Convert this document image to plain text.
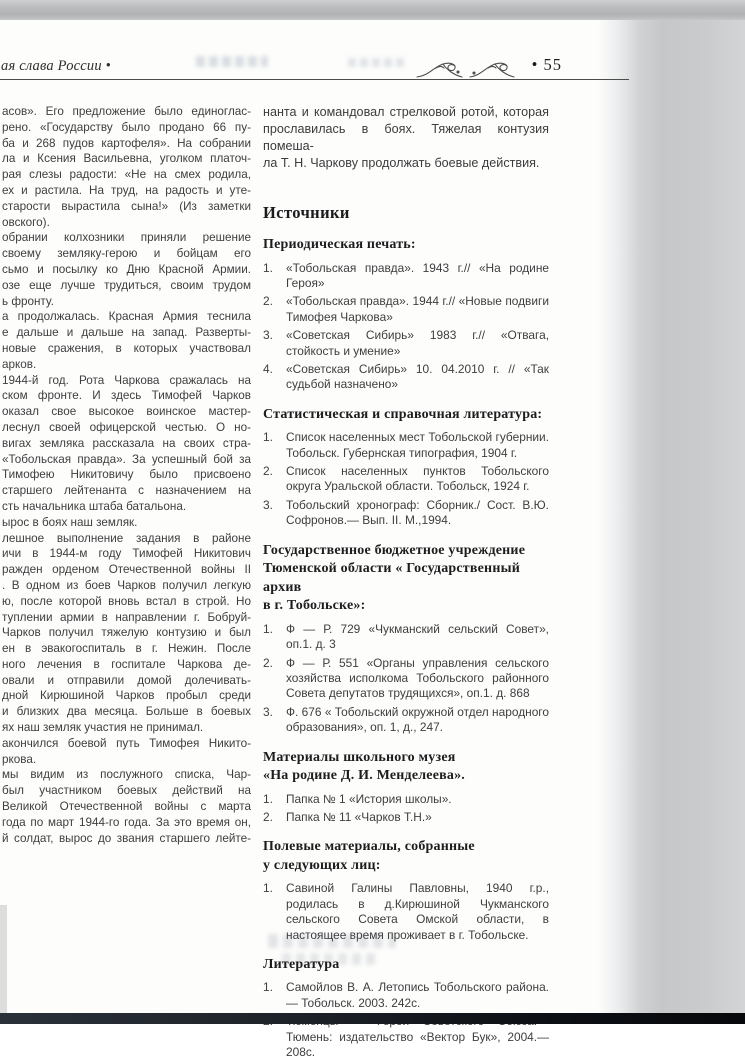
ая слава России •	• 55
асов». Его предложение было единоглас-
рено. «Государству было продано 66 пу-
ба и 268 пудов картофеля». На собрании
ла и Ксения Васильевна, уголком платоч-
рая слезы радости: «Не на смех родила,
ех и растила. На труд, на радость и уте-
старости вырастила сына!» (Из заметки
овского).
обрании колхозники приняли решение
своему земляку-герою и бойцам его
сьмо и посылку ко Дню Красной Армии.
озе еще лучше трудиться, своим трудом
ь фронту.
а продолжалась. Красная Армия теснила
е дальше и дальше на запад. Разверты-
новые сражения, в которых участвовал
арков.
1944-й год. Рота Чаркова сражалась на
ском фронте. И здесь Тимофей Чарков
оказал свое высокое воинское мастер-
леснул своей офицерской честью. О но-
вигах земляка рассказала на своих стра-
«Тобольская правда». За успешный бой за
Тимофею Никитовичу было присвоено
старшего лейтенанта с назначением на
сть начальника штаба батальона.
ырос в боях наш земляк.
лешное выполнение задания в районе
ичи в 1944-м году Тимофей Никитович
ражден орденом Отечественной войны II
. В одном из боев Чарков получил легкую
ю, после которой вновь встал в строй. Но
туплении армии в направлении г. Бобруй-
Чарков получил тяжелую контузию и был
ен в эвакогоспиталь в г. Нежин. После
ного лечения в госпитале Чаркова де-
овали и отправили домой долечивать-
дной Кирюшиной Чарков пробыл среди
и близких два месяца. Больше в боевых
ях наш земляк участия не принимал.
акончился боевой путь Тимофея Никито-
ркова.
мы видим из послужного списка, Чар-
был участником боевых действий на
Великой Отечественной войны с марта
года по март 1944-го года. За это время он,
й солдат, вырос до звания старшего лейте-
нанта и командовал стрелковой ротой, которая
прославилась в боях. Тяжелая контузия помеша-
ла Т. Н. Чаркову продолжать боевые действия.
Источники
Периодическая печать:
1. «Тобольская правда». 1943 г.// «На родине Героя»
2. «Тобольская правда». 1944 г.// «Новые подвиги Тимофея Чаркова»
3. «Советская Сибирь» 1983 г.// «Отвага, стойкость и умение»
4. «Советская Сибирь» 10. 04.2010 г. // «Так судьбой назначено»
Статистическая и справочная литература:
1. Список населенных мест Тобольской губернии. Тобольск. Губернская типография, 1904 г.
2. Список населенных пунктов Тобольского округа Уральской области. Тобольск, 1924 г.
3. Тобольский хронограф: Сборник./ Сост. В.Ю. Софронов.— Вып. II. М.,1994.
Государственное бюджетное учреждение
Тюменской области « Государственный архив
в г. Тобольске»:
1. Ф — Р. 729 «Чукманский сельский Совет», оп.1. д. 3
2. Ф — Р. 551 «Органы управления сельского хозяйства исполкома Тобольского районного Совета депутатов трудящихся», оп.1. д. 868
3. Ф. 676 « Тобольский окружной отдел народного образования», оп. 1, д., 247.
Материалы школьного музея
«На родине Д. И. Менделеева».
1. Папка № 1 «История школы».
2. Папка № 11 «Чарков Т.Н.»
Полевые материалы, собранные
у следующих лиц:
1. Савиной Галины Павловны, 1940 г.р., родилась в д.Кирюшиной Чукманского сельского Совета Омской области, в настоящее время проживает в г. Тобольске.
Литература
1. Самойлов В. А. Летопись Тобольского района.— Тобольск. 2003. 242с.
Тюмень: издательство «Вектор Бук», 2004.—208с.
